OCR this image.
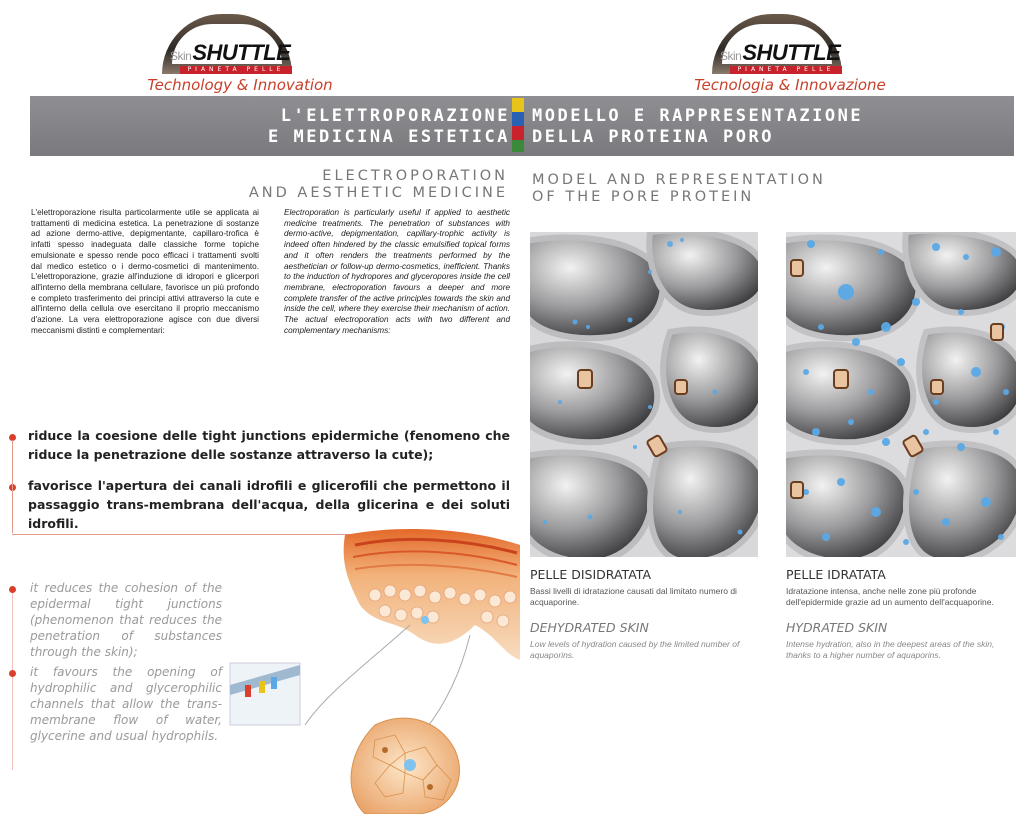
SkinSHUTTLE
PIANETA PELLE
Technology & Innovation
SkinSHUTTLE
PIANETA PELLE
Tecnologia & Innovazione
L'ELETTROPORAZIONE
E MEDICINA ESTETICA
MODELLO E RAPPRESENTAZIONE
DELLA PROTEINA PORO
ELECTROPORATION
AND AESTHETIC MEDICINE
MODEL AND REPRESENTATION
OF THE PORE PROTEIN
L'elettroporazione risulta particolarmente utile se applicata ai trattamenti di medicina estetica. La penetrazione di sostanze ad azione dermo-attive, depigmentante, capillaro-trofica è infatti spesso inadeguata dalle classiche forme topiche emulsionate e spesso rende poco efficaci i trattamenti svolti dal medico estetico o i dermo-cosmetici di mantenimento. L'elettroporazione, grazie all'induzione di idropori e glicerpori all'interno della membrana cellulare, favorisce un più profondo e completo trasferimento dei principi attivi attraverso la cute e all'interno della cellula ove esercitano il proprio meccanismo d'azione. La vera elettroporazione agisce con due diversi meccanismi distinti e complementari:
Electroporation is particularly useful if applied to aesthetic medicine treatments. The penetration of substances with dermo-active, depigmentation, capillary-trophic activity is indeed often hindered by the classic emulsified topical forms and it often renders the treatments performed by the aesthetician or follow-up dermo-cosmetics, inefficient. Thanks to the induction of hydropores and glyceropores inside the cell membrane, electroporation favours a deeper and more complete transfer of the active principles towards the skin and inside the cell, where they exercise their mechanism of action. The actual electroporation acts with two different and complementary mechanisms:
riduce la coesione delle tight junctions epidermiche (fenomeno che riduce la penetrazione delle sostanze attraverso la cute);
favorisce l'apertura dei canali idrofili e glicerofili che permettono il passaggio trans-membrana dell'acqua, della glicerina e dei soluti idrofili.
it reduces the cohesion of the epidermal tight junctions (phenomenon that reduces the penetration of substances through the skin);
it favours the opening of hydrophilic and glycerophilic channels that allow the trans-membrane flow of water, glycerine and usual hydrophils.
PELLE DISIDRATATA
Bassi livelli di idratazione causati dal limitato numero di acquaporine.
DEHYDRATED SKIN
Low levels of hydration caused by the limited number of aquaporins.
PELLE IDRATATA
Idratazione intensa, anche nelle zone più profonde dell'epidermide grazie ad un aumento dell'acquaporine.
HYDRATED SKIN
Intense hydration, also in the deepest areas of the skin, thanks to a higher number of aquaporins.
